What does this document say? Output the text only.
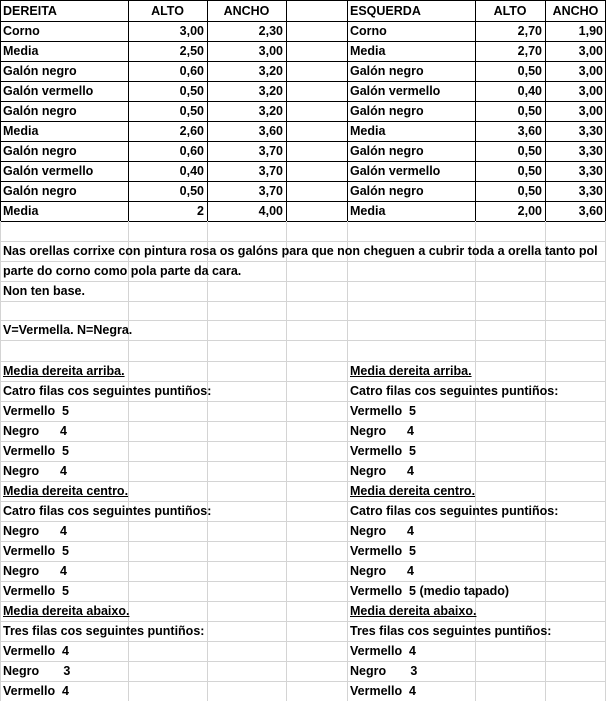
DEREITA	ALTO	ANCHO	ESQUERDA	ALTO	ANCHO
Corno	3,00	2,30	Corno	2,70	1,90
Media	2,50	3,00	Media	2,70	3,00
Galón negro	0,60	3,20	Galón negro	0,50	3,00
Galón vermello	0,50	3,20	Galón vermello	0,40	3,00
Galón negro	0,50	3,20	Galón negro	0,50	3,00
Media	2,60	3,60	Media	3,60	3,30
Galón negro	0,60	3,70	Galón negro	0,50	3,30
Galón vermello	0,40	3,70	Galón vermello	0,50	3,30
Galón negro	0,50	3,70	Galón negro	0,50	3,30
Media	2	4,00	Media	2,00	3,60
Nas orellas corrixe con pintura rosa os galóns para que non cheguen a cubrir toda a orella tanto pol
parte do corno como pola parte da cara.
Non ten base.
V=Vermella. N=Negra.
Media dereita arriba.
Catro filas cos seguintes puntiños:
Vermello  5
Negro      4
Vermello  5
Negro      4
Media dereita centro.
Catro filas cos seguintes puntiños:
Negro      4
Vermello  5
Negro      4
Vermello  5
Media dereita abaixo.
Tres filas cos seguintes puntiños:
Vermello  4
Negro       3
Vermello  4
Media dereita arriba.
Catro filas cos seguintes puntiños:
Vermello  5
Negro      4
Vermello  5
Negro      4
Media dereita centro.
Catro filas cos seguintes puntiños:
Negro      4
Vermello  5
Negro      4
Vermello  5 (medio tapado)
Media dereita abaixo.
Tres filas cos seguintes puntiños:
Vermello  4
Negro       3
Vermello  4
